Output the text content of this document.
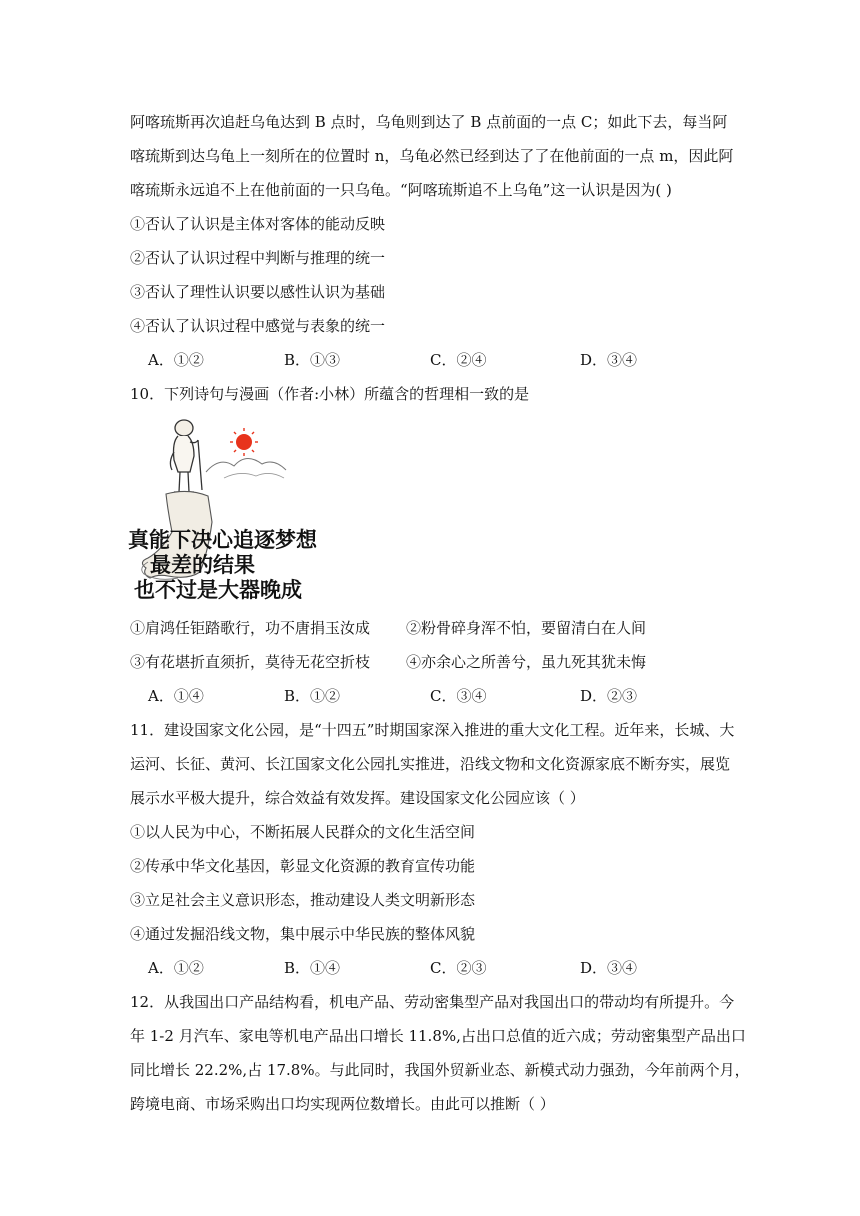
阿喀琉斯再次追赶乌龟达到 B 点时，乌龟则到达了 B 点前面的一点 C；如此下去，每当阿
喀琉斯到达乌龟上一刻所在的位置时 n，乌龟必然已经到达了了在他前面的一点 m，因此阿
喀琉斯永远追不上在他前面的一只乌龟。“阿喀琉斯追不上乌龟”这一认识是因为( )
①否认了认识是主体对客体的能动反映
②否认了认识过程中判断与推理的统一
③否认了理性认识要以感性认识为基础
④否认了认识过程中感觉与表象的统一
A．①②	B．①③	C．②④	D．③④
10．下列诗句与漫画（作者:小林）所蕴含的哲理相一致的是
真能下决心追逐梦想
最差的结果
也不过是大器晚成
①肩鸿任钜踏歌行，功不唐捐玉汝成 ②粉骨碎身浑不怕，要留清白在人间
③有花堪折直须折，莫待无花空折枝 ④亦余心之所善兮，虽九死其犹未悔
A．①④	B．①②	C．③④	D．②③
11．建设国家文化公园，是“十四五”时期国家深入推进的重大文化工程。近年来，长城、大
运河、长征、黄河、长江国家文化公园扎实推进，沿线文物和文化资源家底不断夯实，展览
展示水平极大提升，综合效益有效发挥。建设国家文化公园应该（ ）
①以人民为中心，不断拓展人民群众的文化生活空间
②传承中华文化基因，彰显文化资源的教育宣传功能
③立足社会主义意识形态，推动建设人类文明新形态
④通过发掘沿线文物，集中展示中华民族的整体风貌
A．①②	B．①④	C．②③	D．③④
12．从我国出口产品结构看，机电产品、劳动密集型产品对我国出口的带动均有所提升。今
年 1-2 月汽车、家电等机电产品出口增长 11.8%,占出口总值的近六成；劳动密集型产品出口
同比增长 22.2%,占 17.8%。与此同时，我国外贸新业态、新模式动力强劲，今年前两个月，
跨境电商、市场采购出口均实现两位数增长。由此可以推断（ ）
